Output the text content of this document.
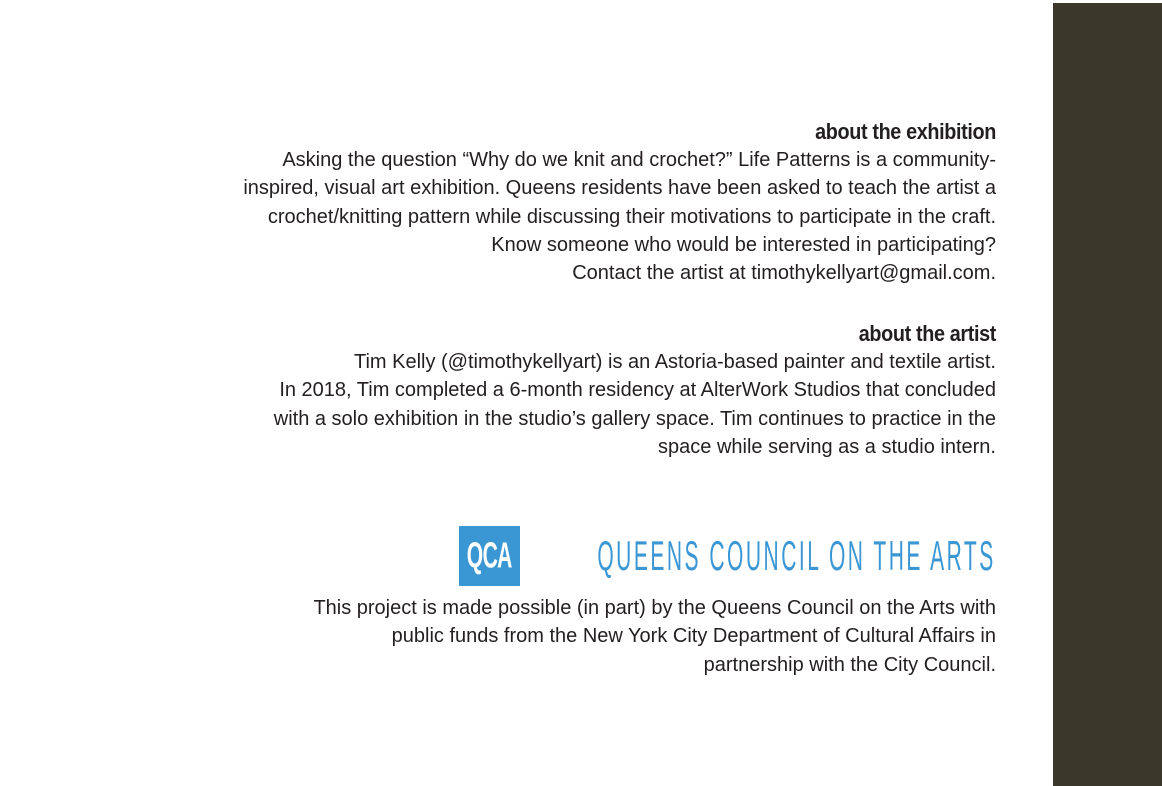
about the exhibition

Asking the question “Why do we knit and crochet?” Life Patterns is a community-
inspired, visual art exhibition. Queens residents have been asked to teach the artist a
crochet/knitting pattern while discussing their motivations to participate in the craft.
Know someone who would be interested in participating?
Contact the artist at timothykellyart@gmail.com.

about the artist

Tim Kelly (@timothykellyart) is an Astoria-based painter and textile artist.
In 2018, Tim completed a 6-month residency at AlterWork Studios that concluded
with a solo exhibition in the studio’s gallery space. Tim continues to practice in the
space while serving as a studio intern.

QCA QUEENS COUNCIL ON THE ARTS

This project is made possible (in part) by the Queens Council on the Arts with
public funds from the New York City Department of Cultural Affairs in
partnership with the City Council.
